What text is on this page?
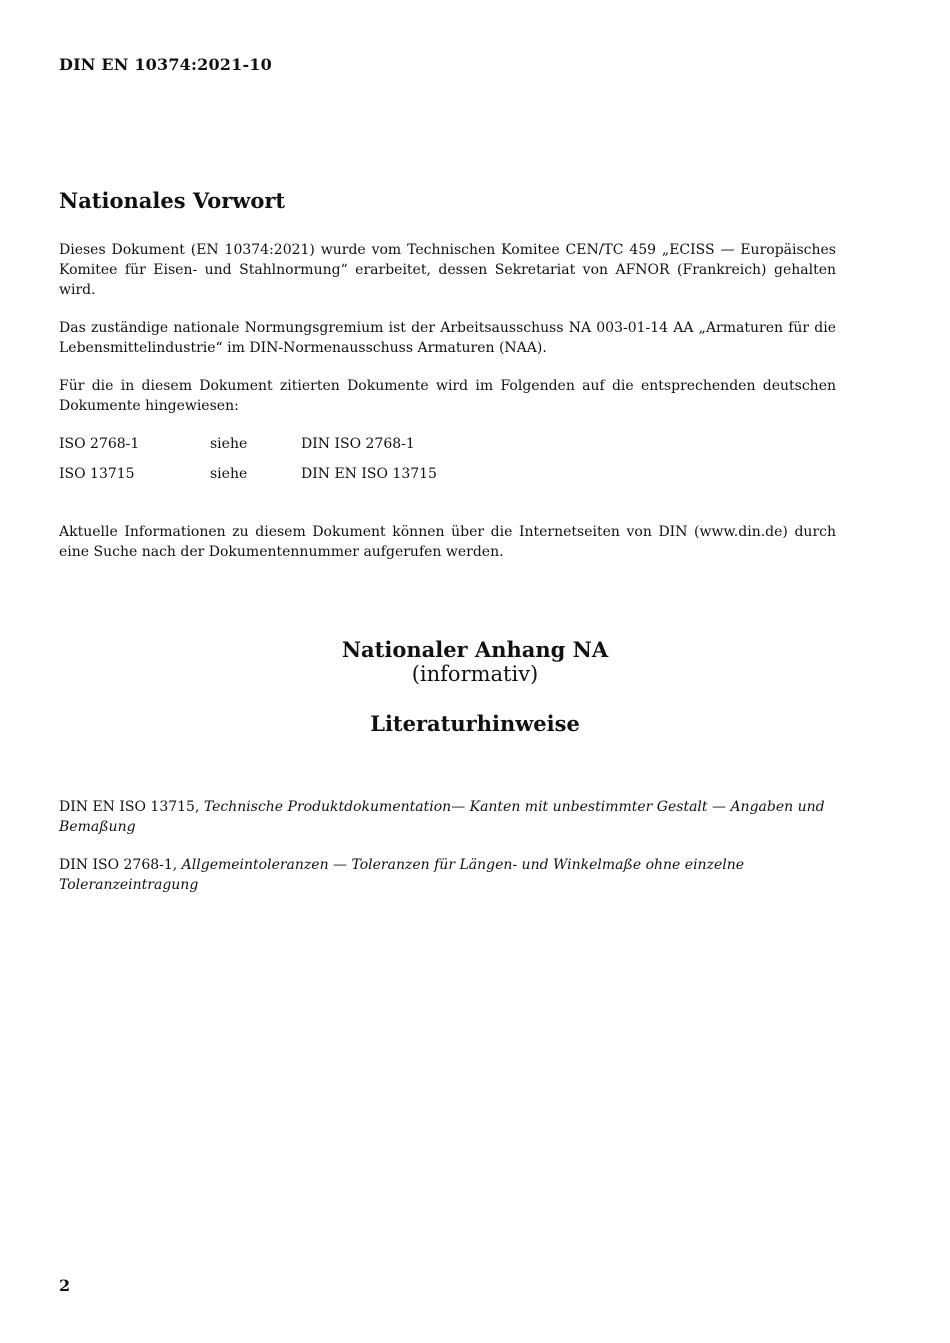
DIN EN 10374:2021-10
Nationales Vorwort

Dieses Dokument (EN 10374:2021) wurde vom Technischen Komitee CEN/TC 459 „ECISS — Europäisches Komitee für Eisen- und Stahlnormung“ erarbeitet, dessen Sekretariat von AFNOR (Frankreich) gehalten wird.

Das zuständige nationale Normungsgremium ist der Arbeitsausschuss NA 003-01-14 AA „Armaturen für die Lebensmittelindustrie“ im DIN-Normenausschuss Armaturen (NAA).

Für die in diesem Dokument zitierten Dokumente wird im Folgenden auf die entsprechenden deutschen Dokumente hingewiesen:

ISO 2768-1	siehe	DIN ISO 2768-1
ISO 13715	siehe	DIN EN ISO 13715

Aktuelle Informationen zu diesem Dokument können über die Internetseiten von DIN (www.din.de) durch eine Suche nach der Dokumentennummer aufgerufen werden.

Nationaler Anhang NA
(informativ)
Literaturhinweise

DIN EN ISO 13715, Technische Produktdokumentation— Kanten mit unbestimmter Gestalt — Angaben und Bemaßung

DIN ISO 2768-1, Allgemeintoleranzen — Toleranzen für Längen- und Winkelmaße ohne einzelne Toleranzeintragung

2
